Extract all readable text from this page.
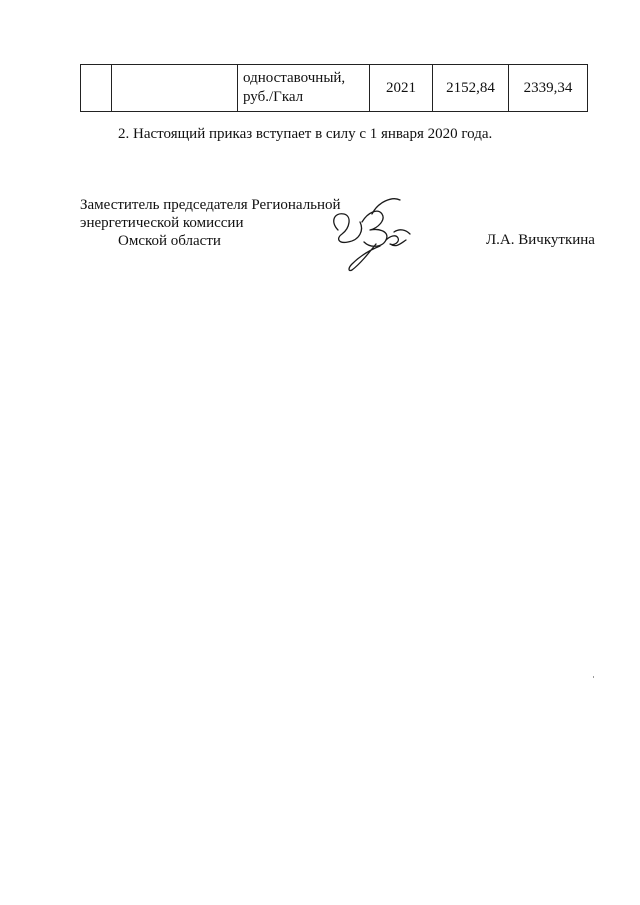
		одноставочный,
руб./Гкал	2021	2152,84	2339,34
2. Настоящий приказ вступает в силу с 1 января 2020 года.
Заместитель председателя Региональной
энергетической комиссии
Омской области	Л.А. Вичкуткина
